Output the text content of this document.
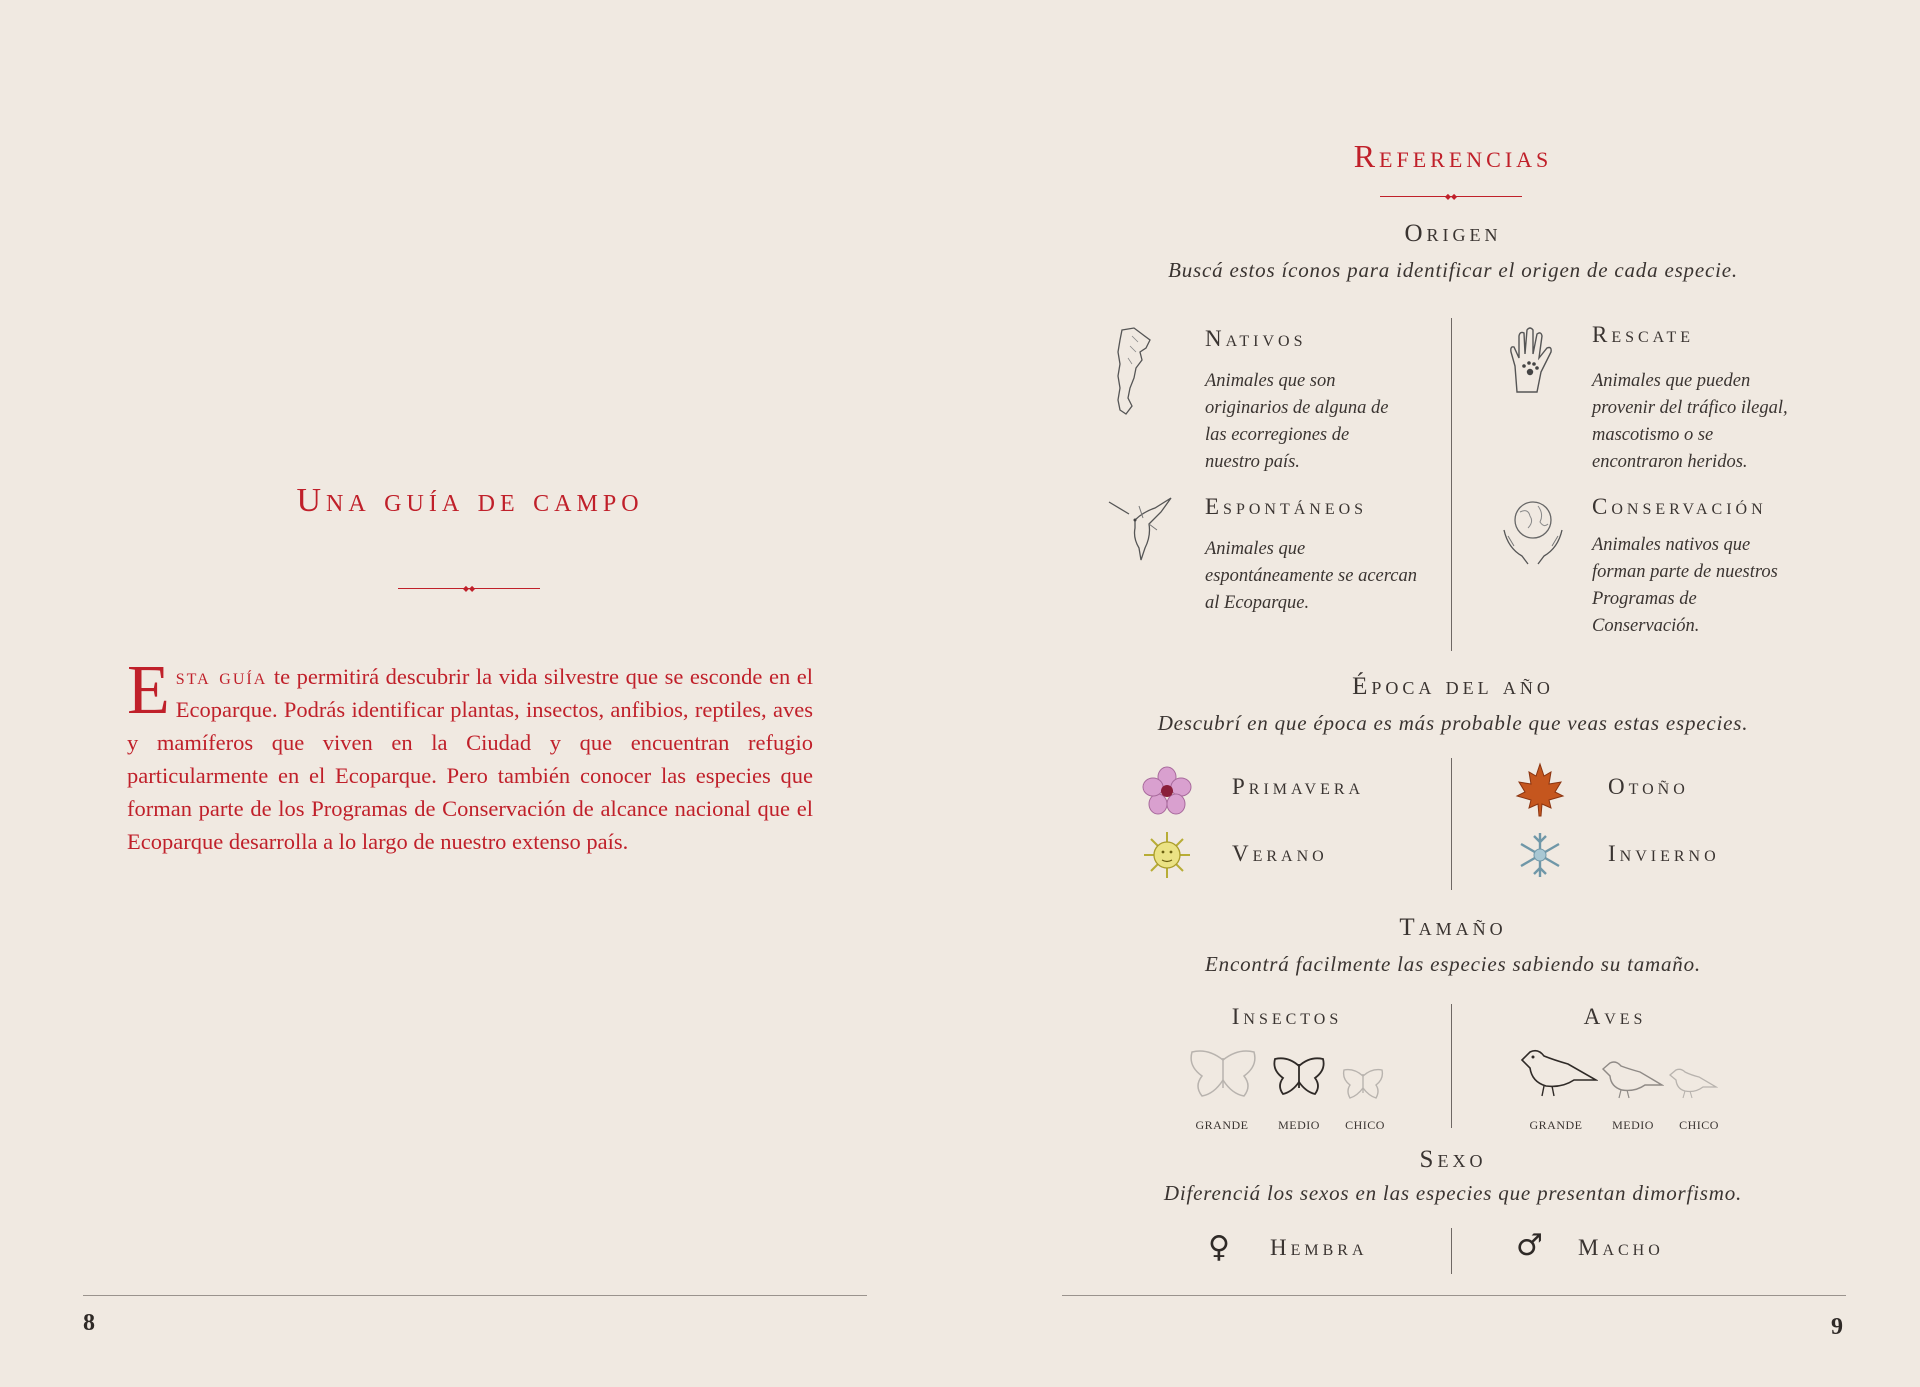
Una guía de campo
◆◆
Esta guía te permitirá descubrir la vida silvestre que se esconde en el Ecoparque. Podrás identificar plantas, insectos, anfibios, reptiles, aves y mamíferos que viven en la Ciudad y que encuentran refugio particularmente en el Ecoparque. Pero también conocer las especies que forman parte de los Programas de Conservación de alcance nacional que el Ecoparque desarrolla a lo largo de nuestro extenso país.
8
Referencias
◆◆
Origen
Buscá estos íconos para identificar el origen de cada especie.
Nativos
Animales que son originarios de alguna de las ecorregiones de nuestro país.
Rescate
Animales que pueden provenir del tráfico ilegal, mascotismo o se encontraron heridos.
Espontáneos
Animales que espontáneamente se acercan al Ecoparque.
Conservación
Animales nativos que forman parte de nuestros Programas de Conservación.
Época del año
Descubrí en que época es más probable que veas estas especies.
Primavera	Otoño
Verano	Invierno
Tamaño
Encontrá facilmente las especies sabiendo su tamaño.
Insectos
GRANDE	MEDIO	CHICO
Aves
GRANDE	MEDIO	CHICO
Sexo
Diferenciá los sexos en las especies que presentan dimorfismo.
♀ Hembra	♂ Macho
9
